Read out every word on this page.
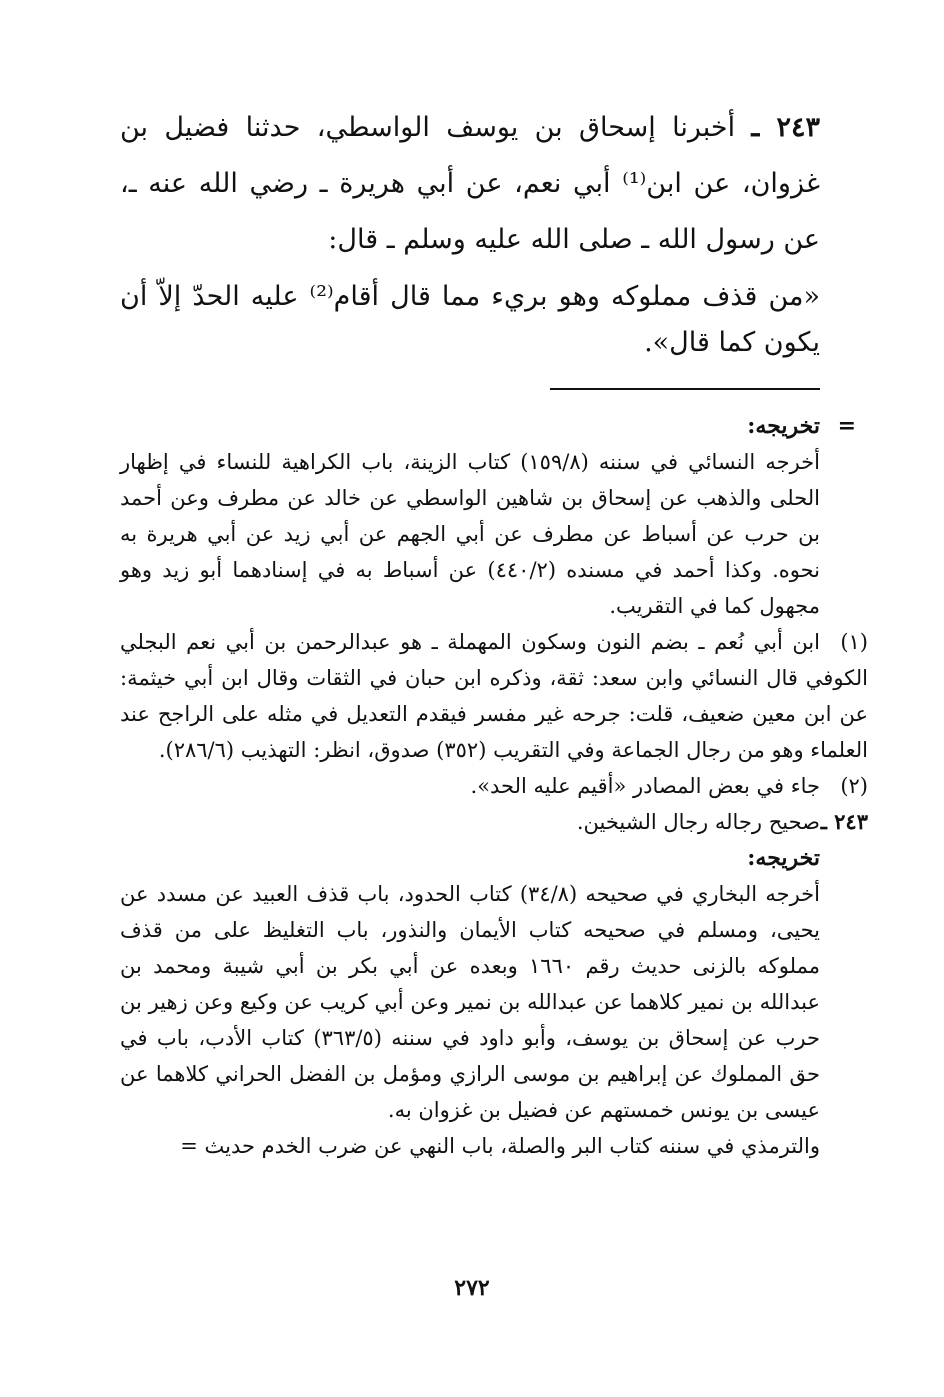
٢٤٣ ـ أخبرنا إسحاق بن يوسف الواسطي، حدثنا فضيل بن غزوان، عن ابن⁽¹⁾ أبي نعم، عن أبي هريرة ـ رضي الله عنه ـ، عن رسول الله ـ صلى الله عليه وسلم ـ قال:

«من قذف مملوكه وهو بريء مما قال أقام⁽²⁾ عليه الحدّ إلاّ أن يكون كما قال».

=
تخريجه:

أخرجه النسائي في سننه (١٥٩/٨) كتاب الزينة، باب الكراهية للنساء في إظهار الحلى والذهب عن إسحاق بن شاهين الواسطي عن خالد عن مطرف وعن أحمد بن حرب عن أسباط عن مطرف عن أبي الجهم عن أبي زيد عن أبي هريرة به نحوه. وكذا أحمد في مسنده (٤٤٠/٢) عن أسباط به في إسنادهما أبو زيد وهو مجهول كما في التقريب.

(١)ابن أبي نُعم ـ بضم النون وسكون المهملة ـ هو عبدالرحمن بن أبي نعم البجلي الكوفي قال النسائي وابن سعد: ثقة، وذكره ابن حبان في الثقات وقال ابن أبي خيثمة: عن ابن معين ضعيف، قلت: جرحه غير مفسر فيقدم التعديل في مثله على الراجح عند العلماء وهو من رجال الجماعة وفي التقريب (٣٥٢) صدوق، انظر: التهذيب (٢٨٦/٦).

(٢)جاء في بعض المصادر «أقيم عليه الحد».

٢٤٣ ـصحيح رجاله رجال الشيخين.

تخريجه:

أخرجه البخاري في صحيحه (٣٤/٨) كتاب الحدود، باب قذف العبيد عن مسدد عن يحيى، ومسلم في صحيحه كتاب الأيمان والنذور، باب التغليظ على من قذف مملوكه بالزنى حديث رقم ١٦٦٠ وبعده عن أبي بكر بن أبي شيبة ومحمد بن عبدالله بن نمير كلاهما عن عبدالله بن نمير وعن أبي كريب عن وكيع وعن زهير بن حرب عن إسحاق بن يوسف، وأبو داود في سننه (٣٦٣/٥) كتاب الأدب، باب في حق المملوك عن إبراهيم بن موسى الرازي ومؤمل بن الفضل الحراني كلاهما عن عيسى بن يونس خمستهم عن فضيل بن غزوان به.

والترمذي في سننه كتاب البر والصلة، باب النهي عن ضرب الخدم حديث =

٢٧٢
